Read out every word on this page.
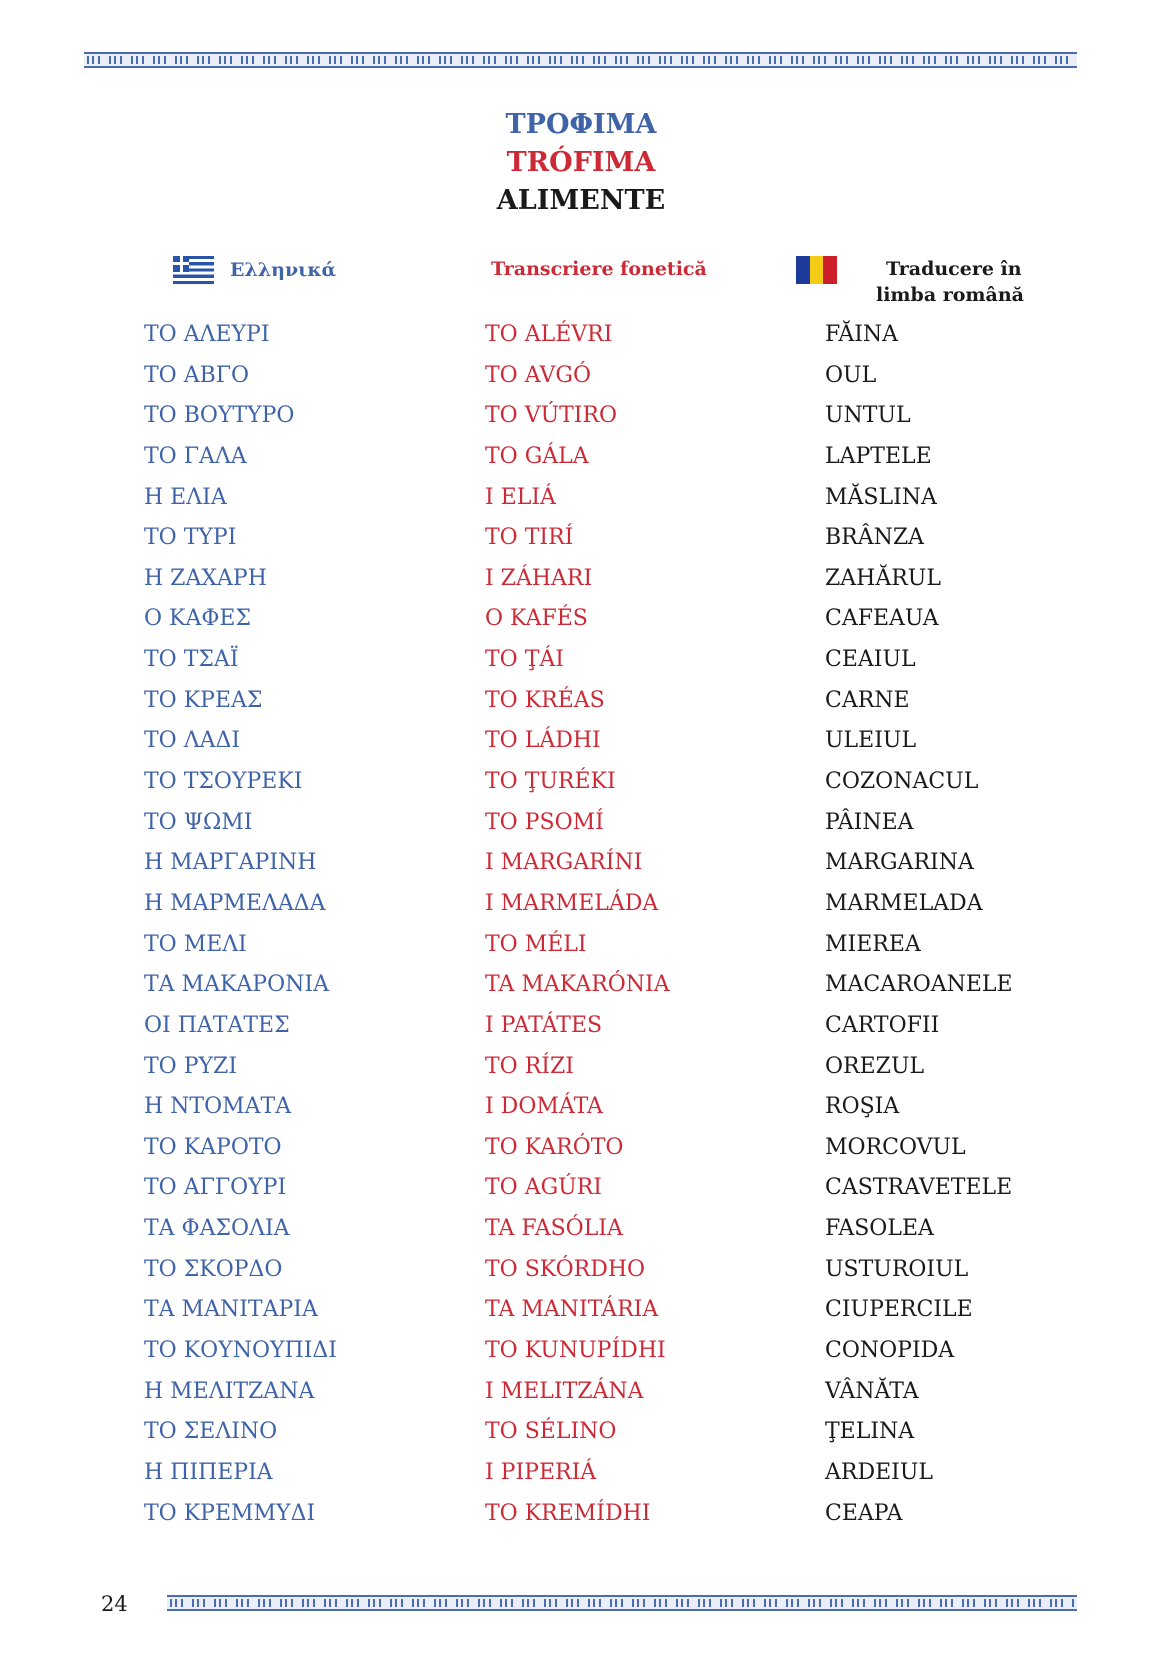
ΤΡΟΦΙΜΑ
TRÓFIMA
ALIMENTE
Ελληνικά	Transcriere fonetică	Traducere în
limba română
ΤΟ ΑΛΕΥΡΙ	TO ALÉVRI	FĂINA
ΤΟ ΑΒΓΟ	TO AVGÓ	OUL
ΤΟ ΒΟΥΤΥΡΟ	TO VÚTIRO	UNTUL
ΤΟ ΓΑΛΑ	TO GÁLA	LAPTELE
Η ΕΛΙΑ	I ELIÁ	MĂSLINA
ΤΟ ΤΥΡΙ	TO TIRÍ	BRÂNZA
Η ΖΑΧΑΡΗ	I ZÁHARI	ZAHĂRUL
Ο ΚΑΦΕΣ	O KAFÉS	CAFEAUA
ΤΟ ΤΣΑΪ	TO ŢÁI	CEAIUL
ΤΟ ΚΡΕΑΣ	TO KRÉAS	CARNE
ΤΟ ΛΑΔΙ	TO LÁDHI	ULEIUL
ΤΟ ΤΣΟΥΡΕΚΙ	TO ŢURÉKI	COZONACUL
ΤΟ ΨΩΜΙ	TO PSOMÍ	PÂINEA
Η ΜΑΡΓΑΡΙΝΗ	I MARGARÍNI	MARGARINA
Η ΜΑΡΜΕΛΑΔΑ	I MARMELÁDA	MARMELADA
ΤΟ ΜΕΛΙ	TO MÉLI	MIEREA
ΤΑ ΜΑΚΑΡΟΝΙΑ	TA MAKARÓNIA	MACAROANELE
ΟΙ ΠΑΤΑΤΕΣ	I PATÁTES	CARTOFII
ΤΟ ΡΥΖΙ	TO RÍZI	OREZUL
Η ΝΤΟΜΑΤΑ	I DOMÁTA	ROŞIA
ΤΟ ΚΑΡΟΤΟ	TO KARÓTO	MORCOVUL
ΤΟ ΑΓΓΟΥΡΙ	TO AGÚRI	CASTRAVETELE
ΤΑ ΦΑΣΟΛΙΑ	TA FASÓLIA	FASOLEA
ΤΟ ΣΚΟΡΔΟ	TO SKÓRDHO	USTUROIUL
ΤΑ ΜΑΝΙΤΑΡΙΑ	TA MANITÁRIA	CIUPERCILE
ΤΟ ΚΟΥΝΟΥΠΙΔΙ	TO KUNUPÍDHI	CONOPIDA
Η ΜΕΛΙΤΖΑΝΑ	I MELITZÁNA	VÂNĂTA
ΤΟ ΣΕΛΙΝΟ	TO SÉLINO	ŢELINA
Η ΠΙΠΕΡΙΑ	I PIPERIÁ	ARDEIUL
ΤΟ ΚΡΕΜΜΥΔΙ	TO KREMÍDHI	CEAPA
24
